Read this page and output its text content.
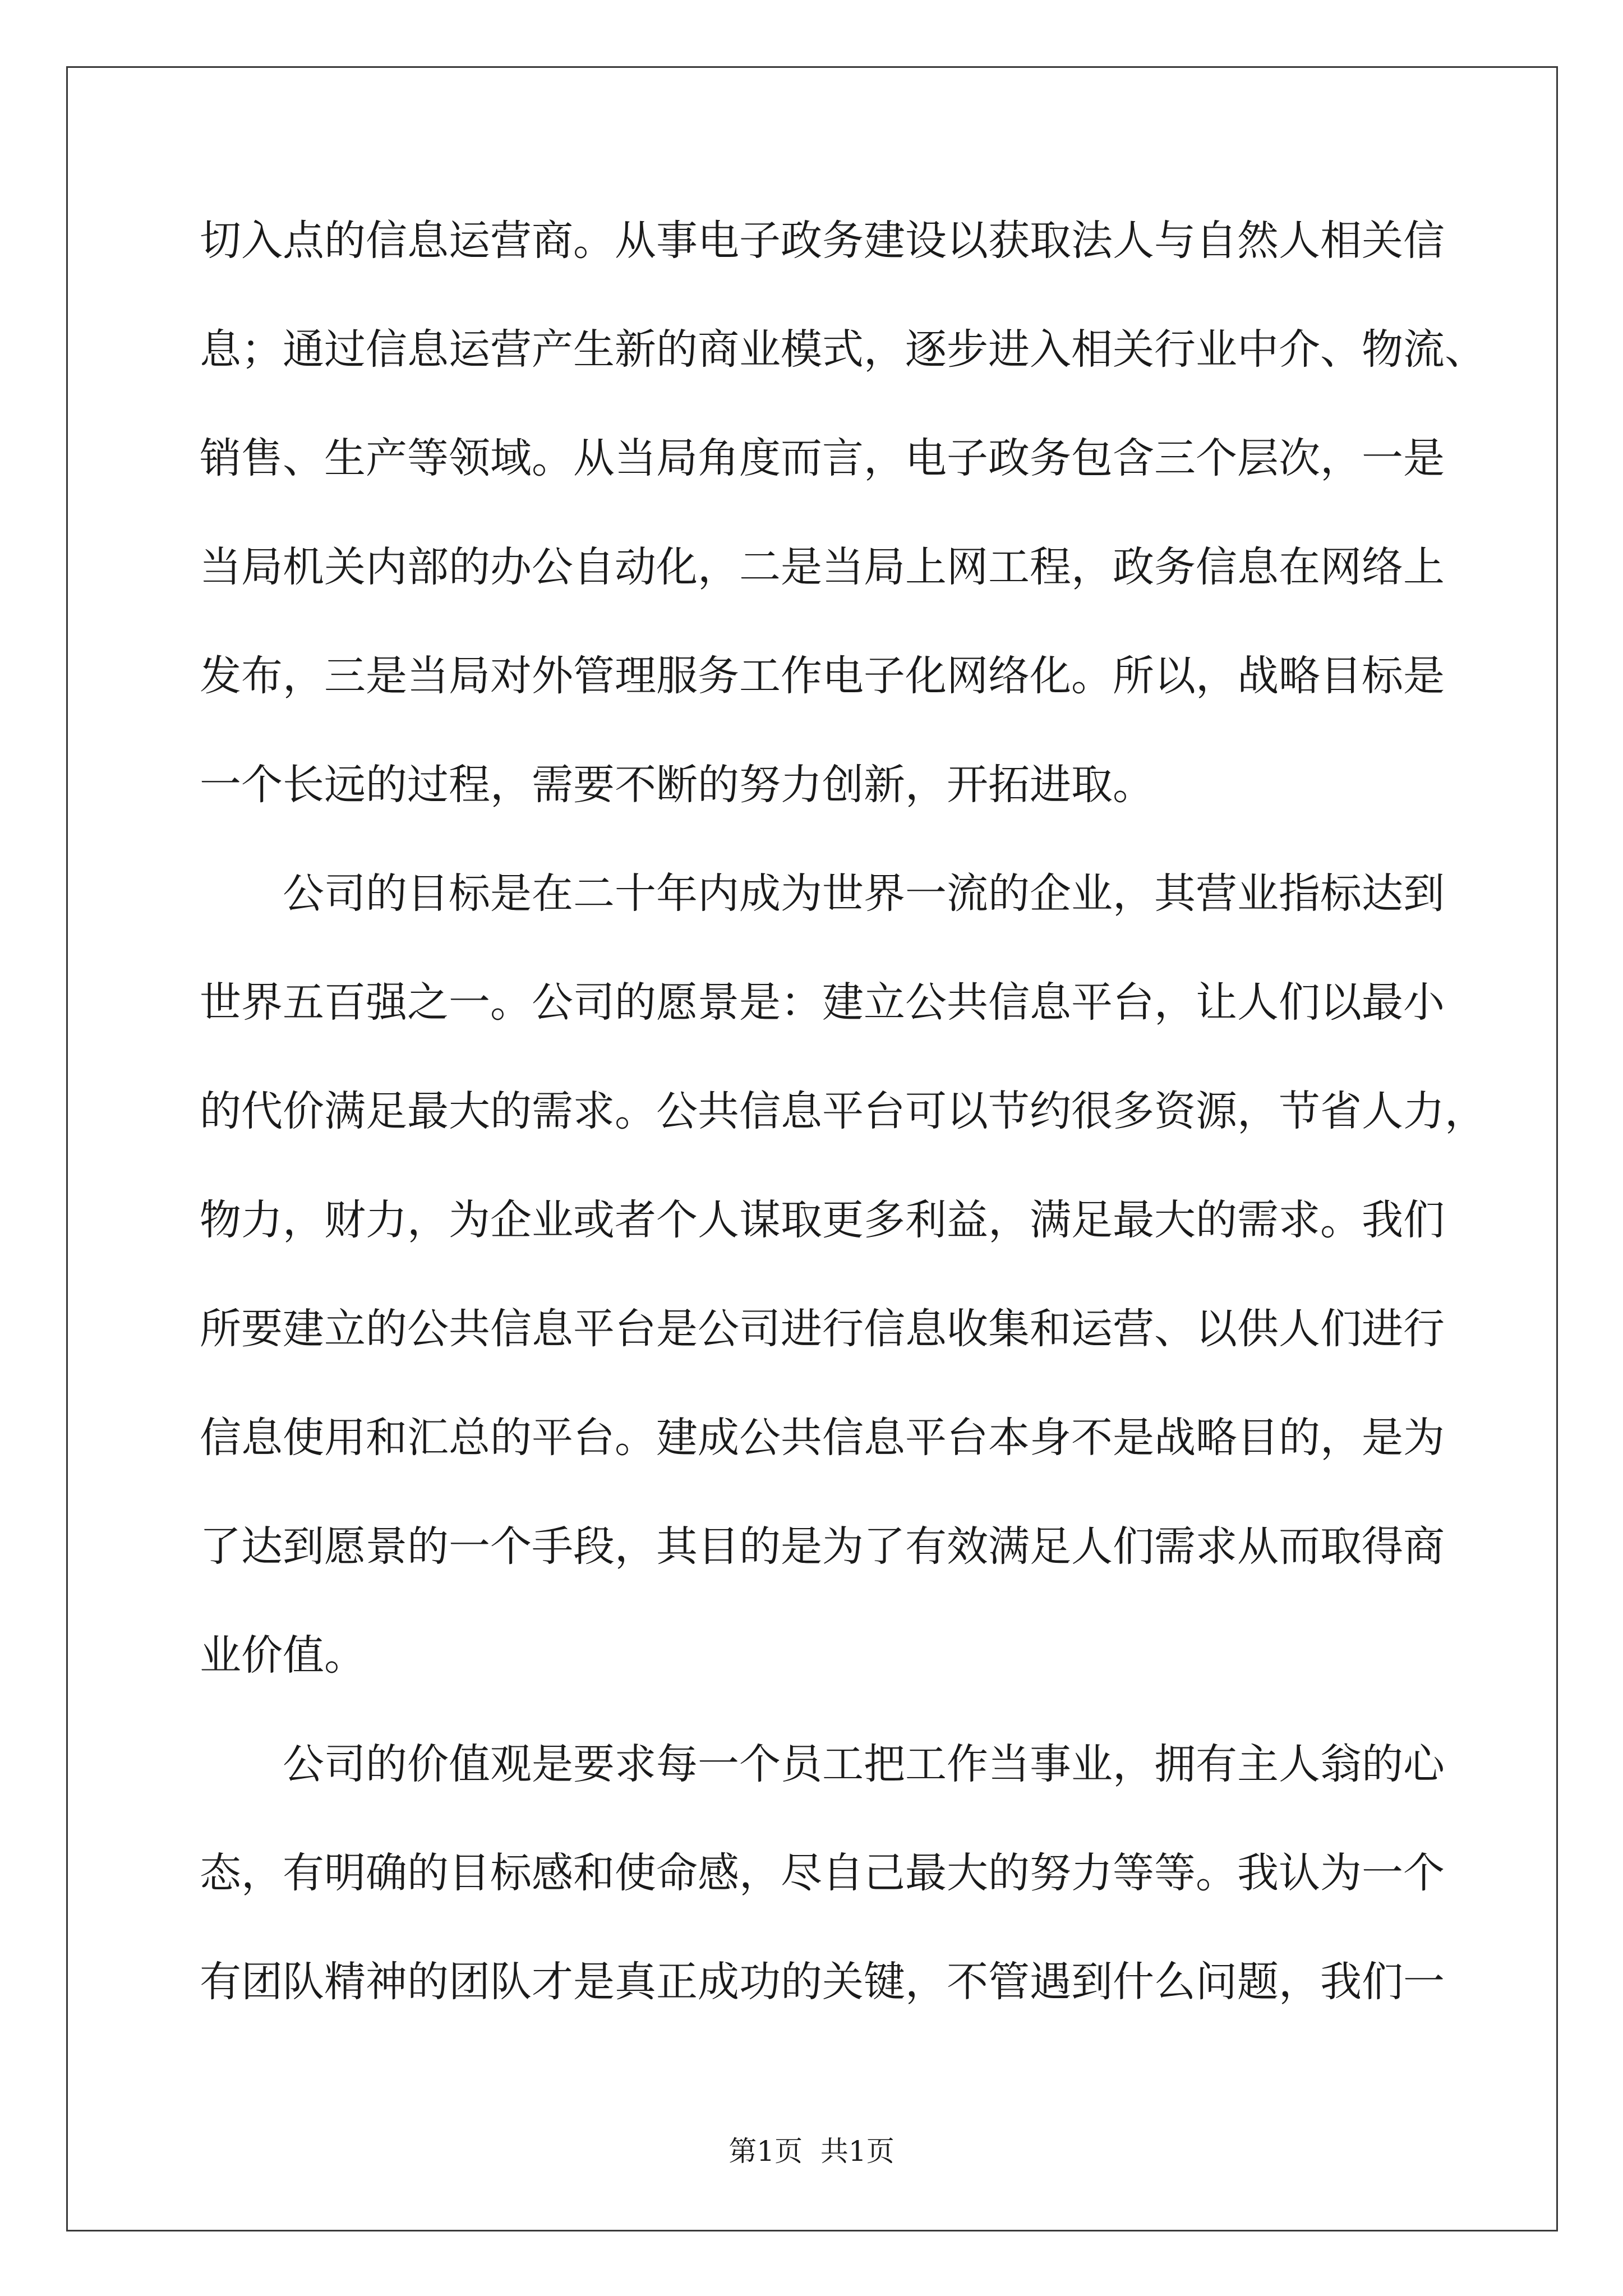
切入点的信息运营商。从事电子政务建设以获取法人与自然人相关信
息；通过信息运营产生新的商业模式，逐步进入相关行业中介、物流、
销售、生产等领域。从当局角度而言，电子政务包含三个层次，一是
当局机关内部的办公自动化，二是当局上网工程，政务信息在网络上
发布，三是当局对外管理服务工作电子化网络化。所以，战略目标是
一个长远的过程，需要不断的努力创新，开拓进取。
公司的目标是在二十年内成为世界一流的企业，其营业指标达到
世界五百强之一。公司的愿景是：建立公共信息平台，让人们以最小
的代价满足最大的需求。公共信息平台可以节约很多资源，节省人力，
物力，财力，为企业或者个人谋取更多利益，满足最大的需求。我们
所要建立的公共信息平台是公司进行信息收集和运营、以供人们进行
信息使用和汇总的平台。建成公共信息平台本身不是战略目的，是为
了达到愿景的一个手段，其目的是为了有效满足人们需求从而取得商
业价值。
公司的价值观是要求每一个员工把工作当事业，拥有主人翁的心
态，有明确的目标感和使命感，尽自己最大的努力等等。我认为一个
有团队精神的团队才是真正成功的关键，不管遇到什么问题，我们一
第1页  共1页
